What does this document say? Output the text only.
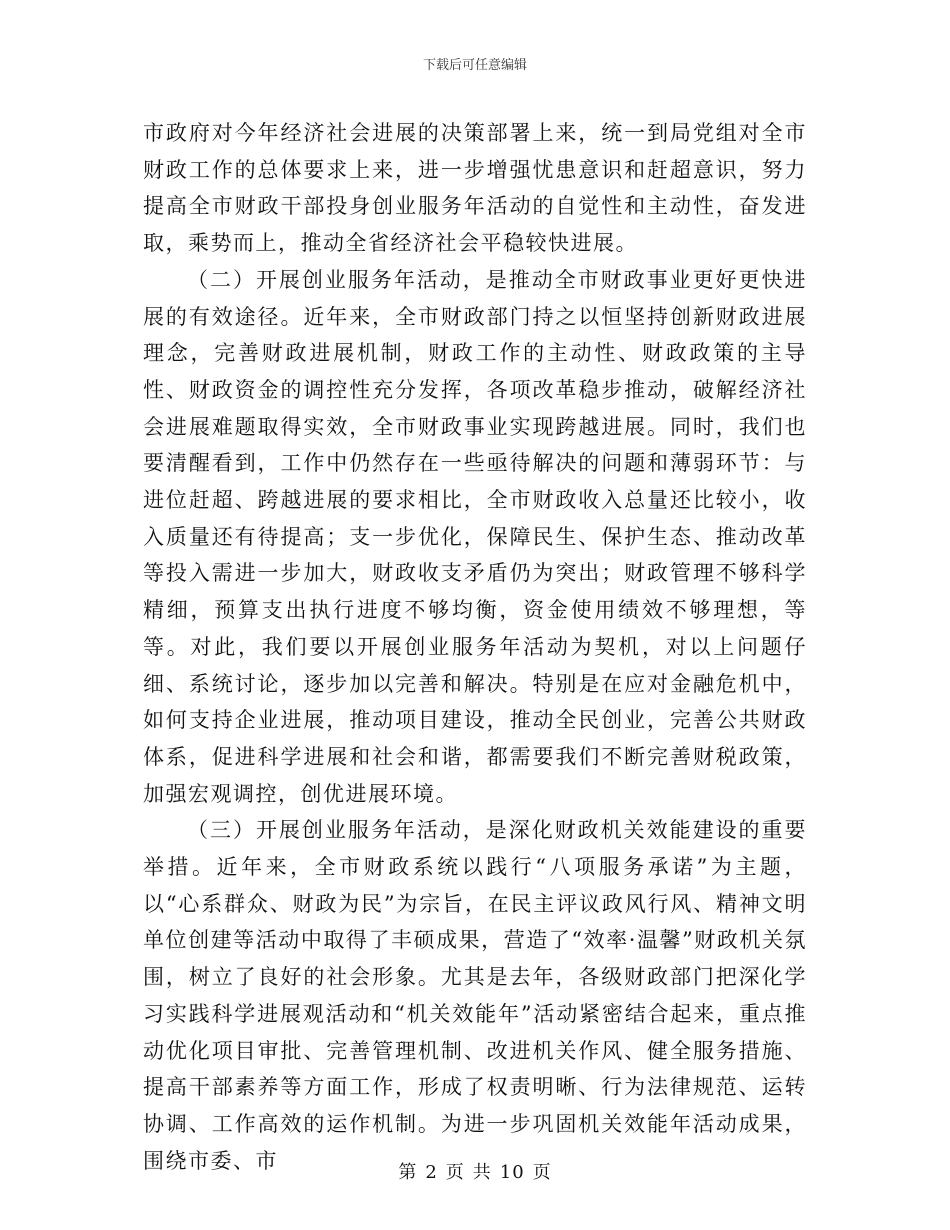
下载后可任意编辑

市政府对今年经济社会进展的决策部署上来，统一到局党组对全市财政工作的总体要求上来，进一步增强忧患意识和赶超意识，努力提高全市财政干部投身创业服务年活动的自觉性和主动性，奋发进取，乘势而上，推动全省经济社会平稳较快进展。

（二）开展创业服务年活动，是推动全市财政事业更好更快进展的有效途径。近年来，全市财政部门持之以恒坚持创新财政进展理念，完善财政进展机制，财政工作的主动性、财政政策的主导性、财政资金的调控性充分发挥，各项改革稳步推动，破解经济社会进展难题取得实效，全市财政事业实现跨越进展。同时，我们也要清醒看到，工作中仍然存在一些亟待解决的问题和薄弱环节：与进位赶超、跨越进展的要求相比，全市财政收入总量还比较小，收入质量还有待提高；支一步优化，保障民生、保护生态、推动改革等投入需进一步加大，财政收支矛盾仍为突出；财政管理不够科学精细，预算支出执行进度不够均衡，资金使用绩效不够理想，等等。对此，我们要以开展创业服务年活动为契机，对以上问题仔细、系统讨论，逐步加以完善和解决。特别是在应对金融危机中，如何支持企业进展，推动项目建设，推动全民创业，完善公共财政体系，促进科学进展和社会和谐，都需要我们不断完善财税政策，加强宏观调控，创优进展环境。

（三）开展创业服务年活动，是深化财政机关效能建设的重要举措。近年来，全市财政系统以践行“八项服务承诺”为主题，以“心系群众、财政为民”为宗旨，在民主评议政风行风、精神文明单位创建等活动中取得了丰硕成果，营造了“效率·温馨”财政机关氛围，树立了良好的社会形象。尤其是去年，各级财政部门把深化学习实践科学进展观活动和“机关效能年”活动紧密结合起来，重点推动优化项目审批、完善管理机制、改进机关作风、健全服务措施、提高干部素养等方面工作，形成了权责明晰、行为法律规范、运转协调、工作高效的运作机制。为进一步巩固机关效能年活动成果，围绕市委、市	第 2 页 共 10 页
